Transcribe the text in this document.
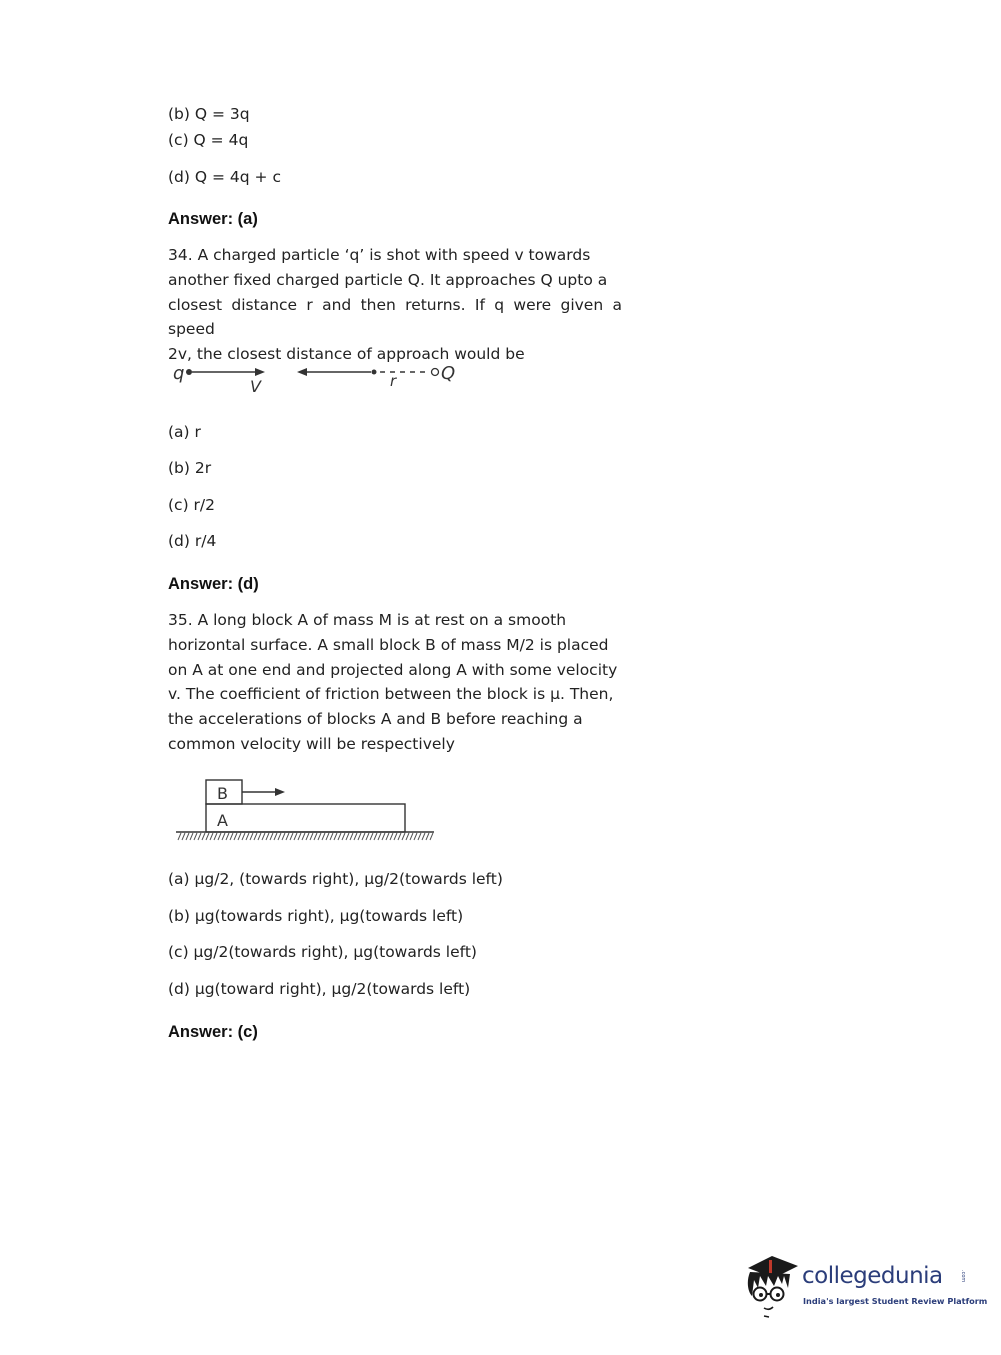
(b) Q = 3q
(c) Q = 4q
(d) Q = 4q + c
Answer: (a)

34. A charged particle ‘q’ is shot with speed v towards

another fixed charged particle Q. It approaches Q upto a

closest distance r and then returns. If q were given a speed

2v, the closest distance of approach would be

q
V	r Q
(a) r
(b) 2r
(c) r/2
(d) r/4
Answer: (d)

35. A long block A of mass M is at rest on a smooth

horizontal surface. A small block B of mass M/2 is placed

on A at one end and projected along A with some velocity

v. The coefficient of friction between the block is μ. Then,

the accelerations of blocks A and B before reaching a

common velocity will be respectively

B
A
(a) μg/2, (towards right), μg/2(towards left)
(b) μg(towards right), μg(towards left)
(c) μg/2(towards right), μg(towards left)
(d) μg(toward right), μg/2(towards left)
Answer: (c)
collegedunia	.com
India's largest Student Review Platform
